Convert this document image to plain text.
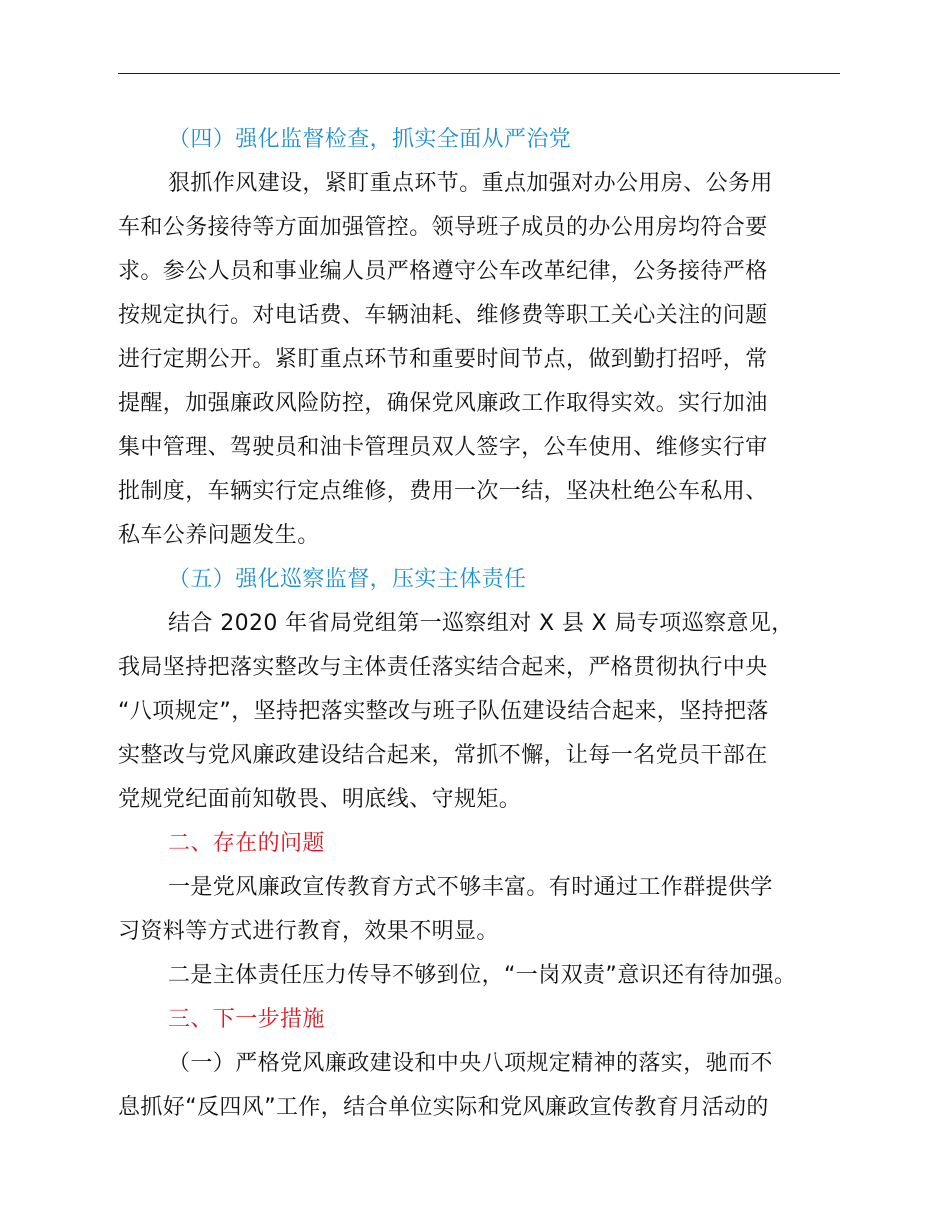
（四）强化监督检查，抓实全面从严治党
狠抓作风建设，紧盯重点环节。重点加强对办公用房、公务用
车和公务接待等方面加强管控。领导班子成员的办公用房均符合要
求。参公人员和事业编人员严格遵守公车改革纪律，公务接待严格
按规定执行。对电话费、车辆油耗、维修费等职工关心关注的问题
进行定期公开。紧盯重点环节和重要时间节点，做到勤打招呼，常
提醒，加强廉政风险防控，确保党风廉政工作取得实效。实行加油
集中管理、驾驶员和油卡管理员双人签字，公车使用、维修实行审
批制度，车辆实行定点维修，费用一次一结，坚决杜绝公车私用、
私车公养问题发生。
（五）强化巡察监督，压实主体责任
结合 2020 年省局党组第一巡察组对 X 县 X 局专项巡察意见，
我局坚持把落实整改与主体责任落实结合起来，严格贯彻执行中央
“八项规定”，坚持把落实整改与班子队伍建设结合起来，坚持把落
实整改与党风廉政建设结合起来，常抓不懈，让每一名党员干部在
党规党纪面前知敬畏、明底线、守规矩。
二、存在的问题
一是党风廉政宣传教育方式不够丰富。有时通过工作群提供学
习资料等方式进行教育，效果不明显。
二是主体责任压力传导不够到位，“一岗双责”意识还有待加强。
三、下一步措施
（一）严格党风廉政建设和中央八项规定精神的落实，驰而不
息抓好“反四风”工作，结合单位实际和党风廉政宣传教育月活动的
